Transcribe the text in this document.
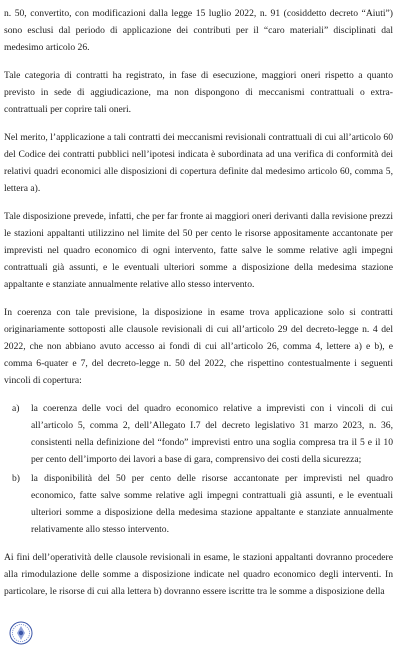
n. 50, convertito, con modificazioni dalla legge 15 luglio 2022, n. 91 (cosiddetto decreto “Aiuti”) sono esclusi dal periodo di applicazione dei contributi per il “caro materiali” disciplinati dal medesimo articolo 26.

Tale categoria di contratti ha registrato, in fase di esecuzione, maggiori oneri rispetto a quanto previsto in sede di aggiudicazione, ma non dispongono di meccanismi contrattuali o extra-contrattuali per coprire tali oneri.

Nel merito, l’applicazione a tali contratti dei meccanismi revisionali contrattuali di cui all’articolo 60 del Codice dei contratti pubblici nell’ipotesi indicata è subordinata ad una verifica di conformità dei relativi quadri economici alle disposizioni di copertura definite dal medesimo articolo 60, comma 5, lettera a).

Tale disposizione prevede, infatti, che per far fronte ai maggiori oneri derivanti dalla revisione prezzi le stazioni appaltanti utilizzino nel limite del 50 per cento le risorse appositamente accantonate per imprevisti nel quadro economico di ogni intervento, fatte salve le somme relative agli impegni contrattuali già assunti, e le eventuali ulteriori somme a disposizione della medesima stazione appaltante e stanziate annualmente relative allo stesso intervento.

In coerenza con tale previsione, la disposizione in esame trova applicazione solo si contratti originariamente sottoposti alle clausole revisionali di cui all’articolo 29 del decreto-legge n. 4 del 2022, che non abbiano avuto accesso ai fondi di cui all’articolo 26, comma 4, lettere a) e b), e comma 6-quater e 7, del decreto-legge n. 50 del 2022, che rispettino contestualmente i seguenti vincoli di copertura:

a) la coerenza delle voci del quadro economico relative a imprevisti con i vincoli di cui all’articolo 5, comma 2, dell’Allegato I.7 del decreto legislativo 31 marzo 2023, n. 36, consistenti nella definizione del “fondo” imprevisti entro una soglia compresa tra il 5 e il 10 per cento dell’importo dei lavori a base di gara, comprensivo dei costi della sicurezza;
b) la disponibilità del 50 per cento delle risorse accantonate per imprevisti nel quadro economico, fatte salve somme relative agli impegni contrattuali già assunti, e le eventuali ulteriori somme a disposizione della medesima stazione appaltante e stanziate annualmente relativamente allo stesso intervento.

Ai fini dell’operatività delle clausole revisionali in esame, le stazioni appaltanti dovranno procedere alla rimodulazione delle somme a disposizione indicate nel quadro economico degli interventi. In particolare, le risorse di cui alla lettera b) dovranno essere iscritte tra le somme a disposizione della
